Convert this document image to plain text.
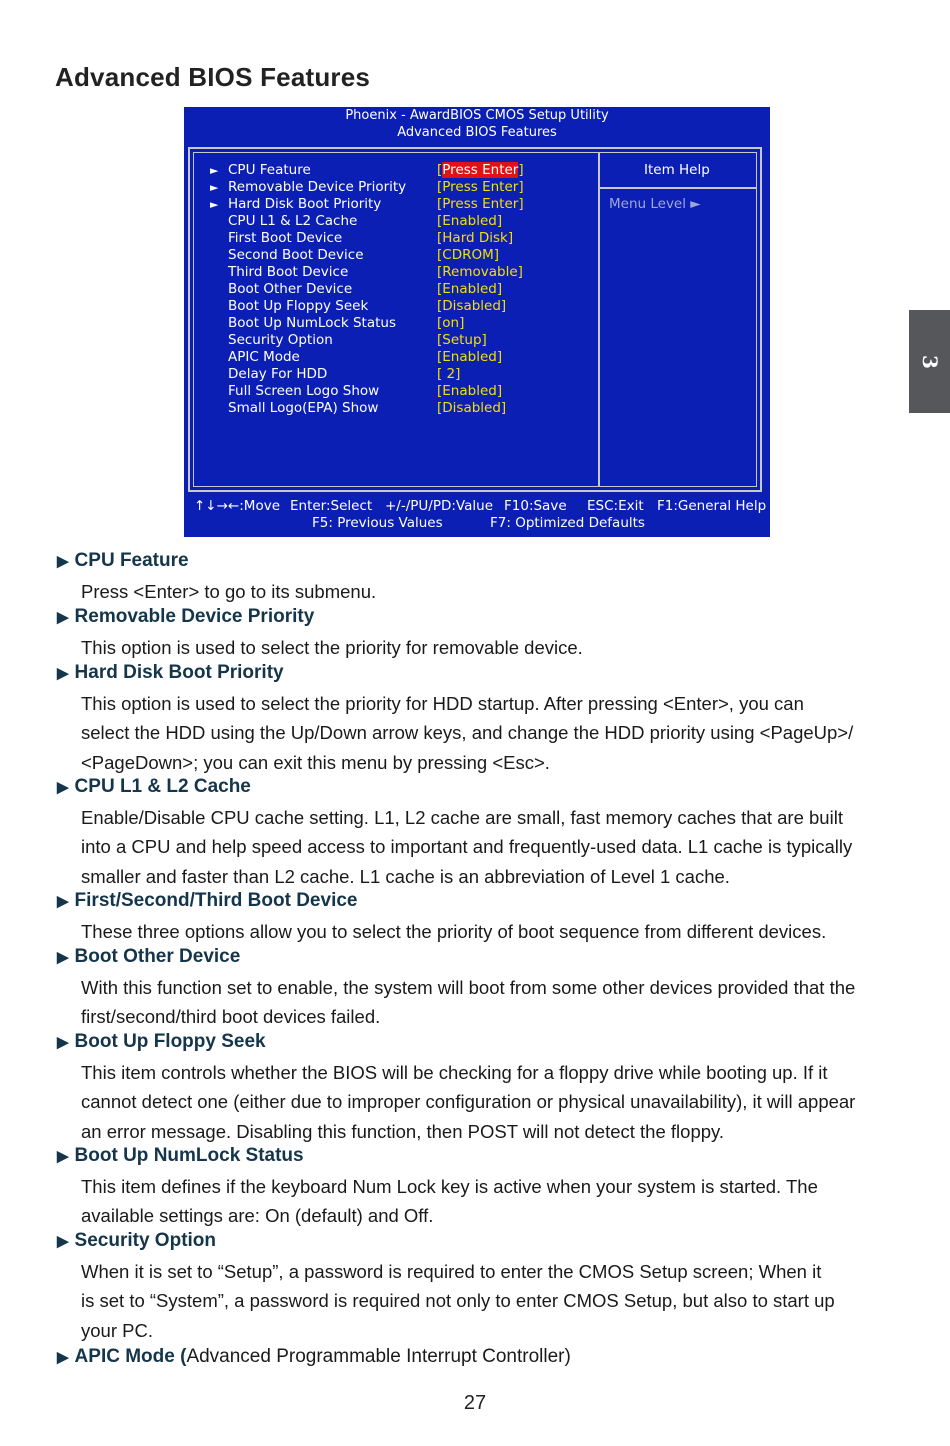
Advanced BIOS Features
3
Phoenix - AwardBIOS CMOS Setup Utility
Advanced BIOS Features
► CPU Feature	[Press Enter]
► Removable Device Priority [Press Enter]
► Hard Disk Boot Priority	[Press Enter]
CPU L1 & L2 Cache	[Enabled]
First Boot Device	[Hard Disk]
Second Boot Device	[CDROM]
Third Boot Device	[Removable]
Boot Other Device	[Enabled]
Boot Up Floppy Seek	[Disabled]
Boot Up NumLock Status	[on]
Security Option	[Setup]
APIC Mode	[Enabled]
Delay For HDD	[ 2]
Full Screen Logo Show	[Enabled]
Small Logo(EPA) Show	[Disabled]
Item Help
Menu Level ►
↑↓→←:Move Enter:Select +/-/PU/PD:Value F10:Save ESC:Exit F1:General Help
F5: Previous Values	F7: Optimized Defaults
▶ CPU Feature
Press <Enter> to go to its submenu.
▶ Removable Device Priority
This option is used to select the priority for removable device.
▶ Hard Disk Boot Priority
This option is used to select the priority for HDD startup. After pressing <Enter>, you can
select the HDD using the Up/Down arrow keys, and change the HDD priority using <PageUp>/
<PageDown>; you can exit this menu by pressing <Esc>.
▶ CPU L1 & L2 Cache
Enable/Disable CPU cache setting. L1, L2 cache are small, fast memory caches that are built
into a CPU and help speed access to important and frequently-used data. L1 cache is typically
smaller and faster than L2 cache. L1 cache is an abbreviation of Level 1 cache.
▶ First/Second/Third Boot Device
These three options allow you to select the priority of boot sequence from different devices.
▶ Boot Other Device
With this function set to enable, the system will boot from some other devices provided that the
first/second/third boot devices failed.
▶ Boot Up Floppy Seek
This item controls whether the BIOS will be checking for a floppy drive while booting up. If it
cannot detect one (either due to improper configuration or physical unavailability), it will appear
an error message. Disabling this function, then POST will not detect the floppy.
▶ Boot Up NumLock Status
This item defines if the keyboard Num Lock key is active when your system is started. The
available settings are: On (default) and Off.
▶ Security Option
When it is set to “Setup”, a password is required to enter the CMOS Setup screen; When it
is set to “System”, a password is required not only to enter CMOS Setup, but also to start up
your PC.
▶ APIC Mode (Advanced Programmable Interrupt Controller)
27
